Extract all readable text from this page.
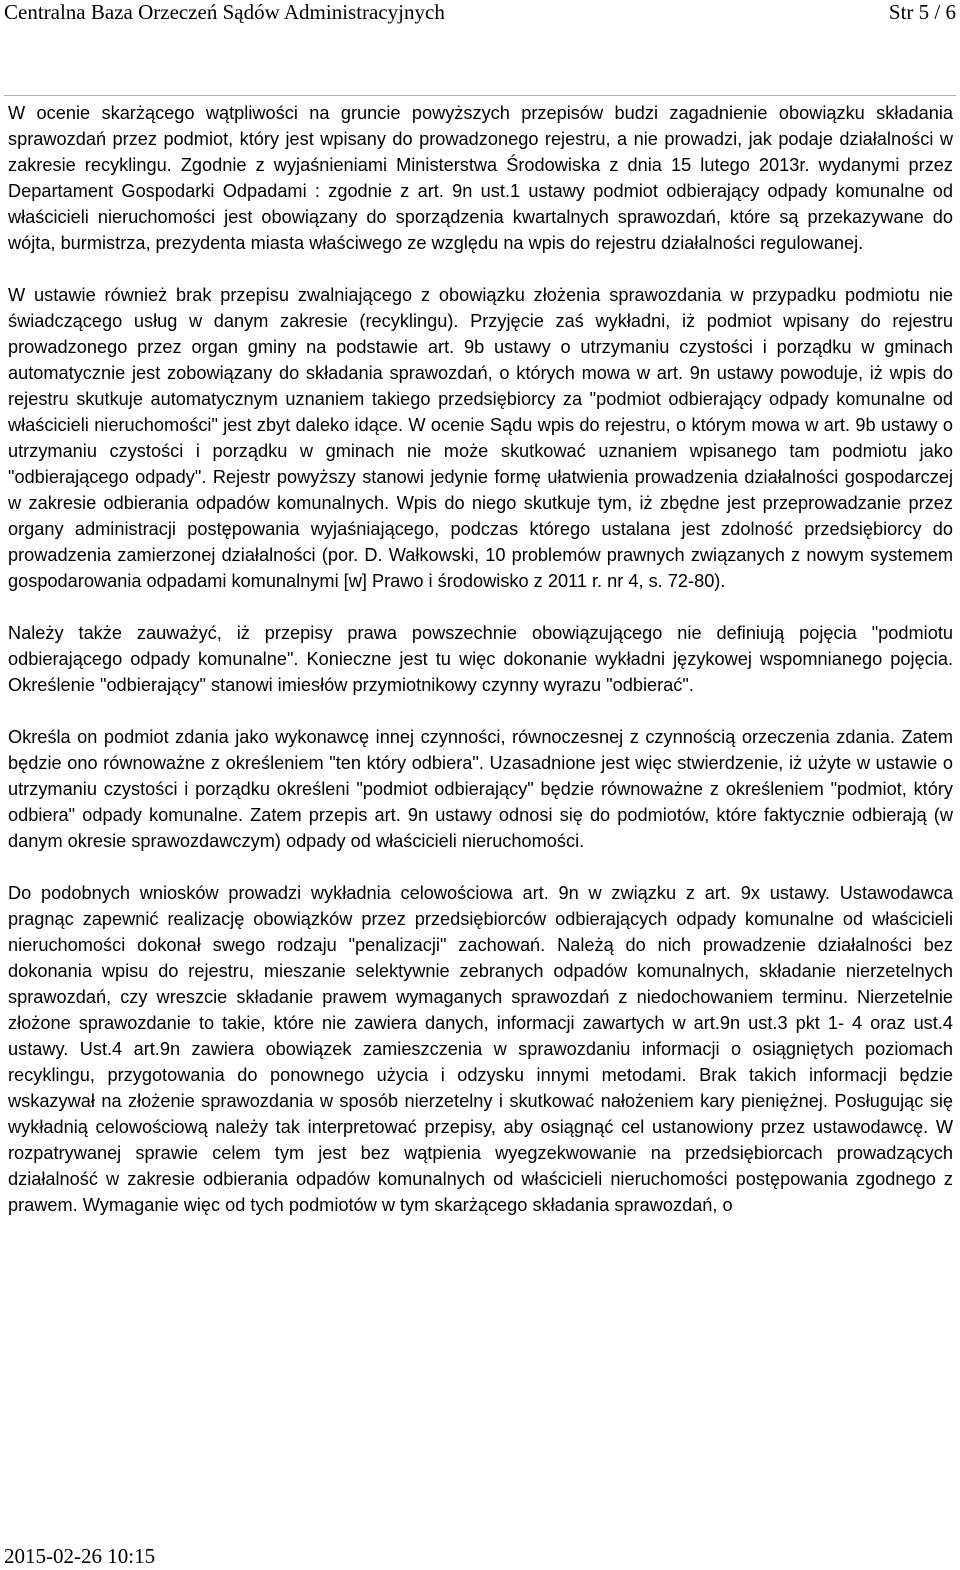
Centralna Baza Orzeczeń Sądów Administracyjnych	Str 5 / 6

W ocenie skarżącego wątpliwości na gruncie powyższych przepisów budzi zagadnienie obowiązku składania sprawozdań przez podmiot, który jest wpisany do prowadzonego rejestru, a nie prowadzi, jak podaje działalności w zakresie recyklingu. Zgodnie z wyjaśnieniami Ministerstwa Środowiska z dnia 15 lutego 2013r. wydanymi przez Departament Gospodarki Odpadami : zgodnie z art. 9n ust.1 ustawy podmiot odbierający odpady komunalne od właścicieli nieruchomości jest obowiązany do sporządzenia kwartalnych sprawozdań, które są przekazywane do wójta, burmistrza, prezydenta miasta właściwego ze względu na wpis do rejestru działalności regulowanej.

W ustawie również brak przepisu zwalniającego z obowiązku złożenia sprawozdania w przypadku podmiotu nie świadczącego usług w danym zakresie (recyklingu). Przyjęcie zaś wykładni, iż podmiot wpisany do rejestru prowadzonego przez organ gminy na podstawie art. 9b ustawy o utrzymaniu czystości i porządku w gminach automatycznie jest zobowiązany do składania sprawozdań, o których mowa w art. 9n ustawy powoduje, iż wpis do rejestru skutkuje automatycznym uznaniem takiego przedsiębiorcy za "podmiot odbierający odpady komunalne od właścicieli nieruchomości" jest zbyt daleko idące. W ocenie Sądu wpis do rejestru, o którym mowa w art. 9b ustawy o utrzymaniu czystości i porządku w gminach nie może skutkować uznaniem wpisanego tam podmiotu jako "odbierającego odpady". Rejestr powyższy stanowi jedynie formę ułatwienia prowadzenia działalności gospodarczej w zakresie odbierania odpadów komunalnych. Wpis do niego skutkuje tym, iż zbędne jest przeprowadzanie przez organy administracji postępowania wyjaśniającego, podczas którego ustalana jest zdolność przedsiębiorcy do prowadzenia zamierzonej działalności (por. D. Wałkowski, 10 problemów prawnych związanych z nowym systemem gospodarowania odpadami komunalnymi [w] Prawo i środowisko z 2011 r. nr 4, s. 72-80).

Należy także zauważyć, iż przepisy prawa powszechnie obowiązującego nie definiują pojęcia "podmiotu odbierającego odpady komunalne". Konieczne jest tu więc dokonanie wykładni językowej wspomnianego pojęcia. Określenie "odbierający" stanowi imiesłów przymiotnikowy czynny wyrazu "odbierać".

Określa on podmiot zdania jako wykonawcę innej czynności, równoczesnej z czynnością orzeczenia zdania. Zatem będzie ono równoważne z określeniem "ten który odbiera". Uzasadnione jest więc stwierdzenie, iż użyte w ustawie o utrzymaniu czystości i porządku określeni "podmiot odbierający" będzie równoważne z określeniem "podmiot, który odbiera" odpady komunalne. Zatem przepis art. 9n ustawy odnosi się do podmiotów, które faktycznie odbierają (w danym okresie sprawozdawczym) odpady od właścicieli nieruchomości.

Do podobnych wniosków prowadzi wykładnia celowościowa art. 9n w związku z art. 9x ustawy. Ustawodawca pragnąc zapewnić realizację obowiązków przez przedsiębiorców odbierających odpady komunalne od właścicieli nieruchomości dokonał swego rodzaju "penalizacji" zachowań. Należą do nich prowadzenie działalności bez dokonania wpisu do rejestru, mieszanie selektywnie zebranych odpadów komunalnych, składanie nierzetelnych sprawozdań, czy wreszcie składanie prawem wymaganych sprawozdań z niedochowaniem terminu. Nierzetelnie złożone sprawozdanie to takie, które nie zawiera danych, informacji zawartych w art.9n ust.3 pkt 1- 4 oraz ust.4 ustawy. Ust.4 art.9n zawiera obowiązek zamieszczenia w sprawozdaniu informacji o osiągniętych poziomach recyklingu, przygotowania do ponownego użycia i odzysku innymi metodami. Brak takich informacji będzie wskazywał na złożenie sprawozdania w sposób nierzetelny i skutkować nałożeniem kary pieniężnej. Posługując się wykładnią celowościową należy tak interpretować przepisy, aby osiągnąć cel ustanowiony przez ustawodawcę. W rozpatrywanej sprawie celem tym jest bez wątpienia wyegzekwowanie na przedsiębiorcach prowadzących działalność w zakresie odbierania odpadów komunalnych od właścicieli nieruchomości postępowania zgodnego z prawem. Wymaganie więc od tych podmiotów w tym skarżącego składania sprawozdań, o

2015-02-26 10:15
